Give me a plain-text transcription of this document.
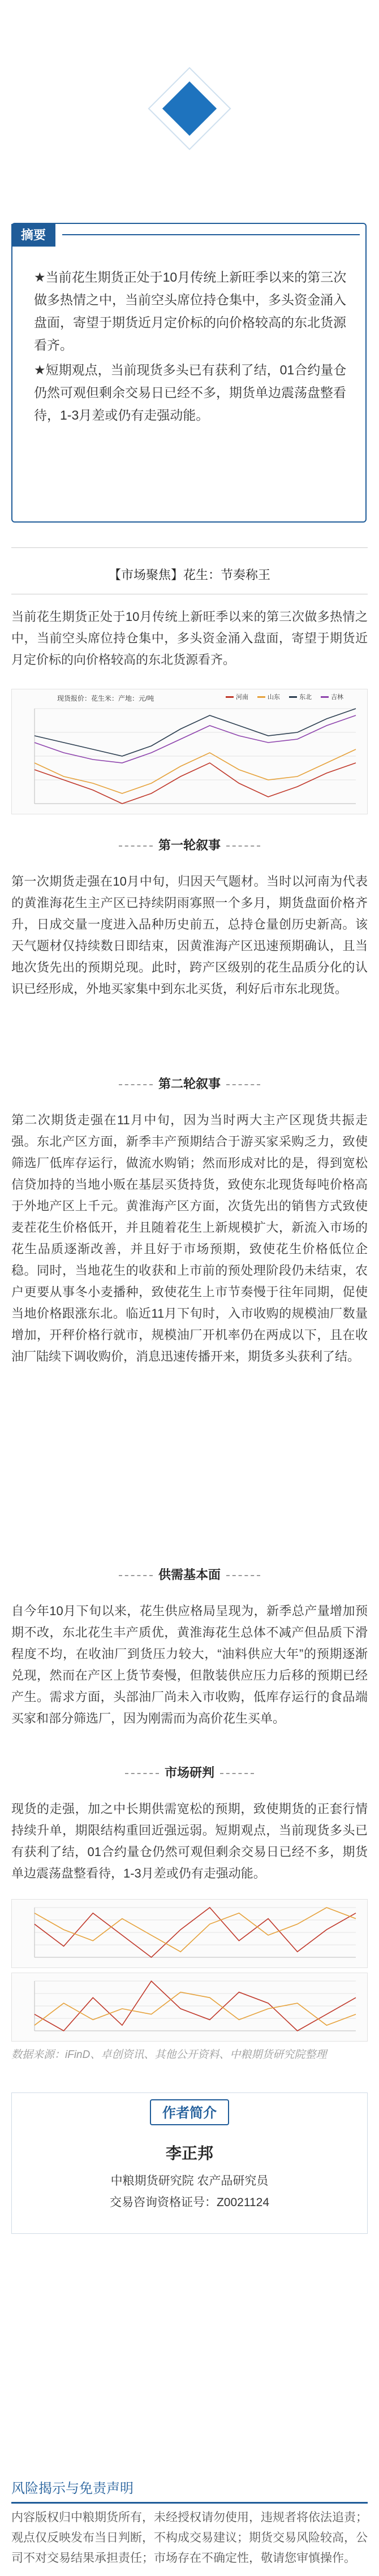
摘要

★当前花生期货正处于10月传统上新旺季以来的第三次做多热情之中，当前空头席位持仓集中，多头资金涌入盘面，寄望于期货近月定价标的向价格较高的东北货源看齐。

★短期观点，当前现货多头已有获利了结，01合约量仓仍然可观但剩余交易日已经不多，期货单边震荡盘整看待，1-3月差或仍有走强动能。

【市场聚焦】花生：节奏称王
当前花生期货正处于10月传统上新旺季以来的第三次做多热情之中，当前空头席位持仓集中，多头资金涌入盘面，寄望于期货近月定价标的向价格较高的东北货源看齐。
现货报价：花生米：产地：元/吨	河南	山东	东北	吉林
第一轮叙事
第一次期货走强在10月中旬，归因天气题材。当时以河南为代表的黄淮海花生主产区已持续阴雨寡照一个多月，期货盘面价格齐升，日成交量一度进入品种历史前五，总持仓量创历史新高。该天气题材仅持续数日即结束，因黄淮海产区迅速预期确认，且当地次货先出的预期兑现。此时，跨产区级别的花生品质分化的认识已经形成，外地买家集中到东北买货，利好后市东北现货。
第二轮叙事
第二次期货走强在11月中旬，因为当时两大主产区现货共振走强。东北产区方面，新季丰产预期结合于游买家采购乏力，致使筛选厂低库存运行，做流水购销；然而形成对比的是，得到宽松信贷加持的当地小贩在基层买货持货，致使东北现货每吨价格高于外地产区上千元。黄淮海产区方面，次货先出的销售方式致使麦茬花生价格低开，并且随着花生上新规模扩大，新流入市场的花生品质逐渐改善，并且好于市场预期，致使花生价格低位企稳。同时，当地花生的收获和上市前的预处理阶段仍未结束，农户更要从事冬小麦播种，致使花生上市节奏慢于往年同期，促使当地价格跟涨东北。临近11月下旬时，入市收购的规模油厂数量增加，开秤价格行就市，规模油厂开机率仍在两成以下，且在收油厂陆续下调收购价，消息迅速传播开来，期货多头获利了结。
供需基本面
自今年10月下旬以来，花生供应格局呈现为，新季总产量增加预期不改，东北花生丰产质优，黄淮海花生总体不减产但品质下滑程度不均，在收油厂到货压力较大，“油料供应大年”的预期逐渐兑现，然而在产区上货节奏慢，但散装供应压力后移的预期已经产生。需求方面，头部油厂尚未入市收购，低库存运行的食品端买家和部分筛选厂，因为刚需而为高价花生买单。
市场研判
现货的走强，加之中长期供需宽松的预期，致使期货的正套行情持续升单，期限结构重回近强远弱。短期观点，当前现货多头已有获利了结，01合约量仓仍然可观但剩余交易日已经不多，期货单边震荡盘整看待，1-3月差或仍有走强动能。
数据来源：iFinD、卓创资讯、其他公开资料、中粮期货研究院整理
作者简介
李正邦
中粮期货研究院 农产品研究员
交易咨询资格证号：Z0021124
风险揭示与免责声明
内容版权归中粮期货所有，未经授权请勿使用，违规者将依法追责；观点仅反映发布当日判断，不构成交易建议；期货交易风险较高，公司不对交易结果承担责任；市场存在不确定性，敬请您审慎操作。
